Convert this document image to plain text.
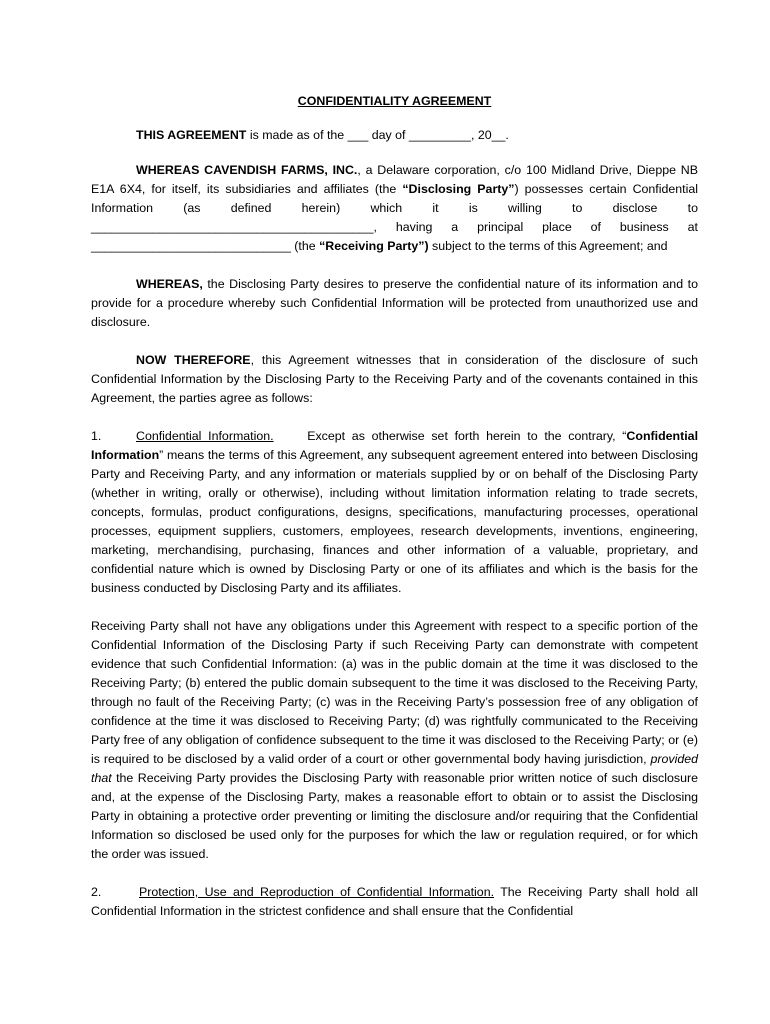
CONFIDENTIALITY AGREEMENT

THIS AGREEMENT is made as of the ___ day of _________, 20__.

WHEREAS CAVENDISH FARMS, INC., a Delaware corporation, c/o 100 Midland Drive, Dieppe NB E1A 6X4, for itself, its subsidiaries and affiliates (the “Disclosing Party”) possesses certain Confidential Information (as defined herein) which it is willing to disclose to _________________________________________, having a principal place of business at _____________________________ (the “Receiving Party”) subject to the terms of this Agreement; and

WHEREAS, the Disclosing Party desires to preserve the confidential nature of its information and to provide for a procedure whereby such Confidential Information will be protected from unauthorized use and disclosure.

NOW THEREFORE, this Agreement witnesses that in consideration of the disclosure of such Confidential Information by the Disclosing Party to the Receiving Party and of the covenants contained in this Agreement, the parties agree as follows:

1.	Confidential Information.     Except as otherwise set forth herein to the contrary, “Confidential Information” means the terms of this Agreement, any subsequent agreement entered into between Disclosing Party and Receiving Party, and any information or materials supplied by or on behalf of the Disclosing Party (whether in writing, orally or otherwise), including without limitation information relating to trade secrets, concepts, formulas, product configurations, designs, specifications, manufacturing processes, operational processes, equipment suppliers, customers, employees, research developments, inventions, engineering, marketing, merchandising, purchasing, finances and other information of a valuable, proprietary, and confidential nature which is owned by Disclosing Party or one of its affiliates and which is the basis for the business conducted by Disclosing Party and its affiliates.

Receiving Party shall not have any obligations under this Agreement with respect to a specific portion of the Confidential Information of the Disclosing Party if such Receiving Party can demonstrate with competent evidence that such Confidential Information: (a) was in the public domain at the time it was disclosed to the Receiving Party; (b) entered the public domain subsequent to the time it was disclosed to the Receiving Party, through no fault of the Receiving Party; (c) was in the Receiving Party’s possession free of any obligation of confidence at the time it was disclosed to Receiving Party; (d) was rightfully communicated to the Receiving Party free of any obligation of confidence subsequent to the time it was disclosed to the Receiving Party; or (e) is required to be disclosed by a valid order of a court or other governmental body having jurisdiction, provided that the Receiving Party provides the Disclosing Party with reasonable prior written notice of such disclosure and, at the expense of the Disclosing Party, makes a reasonable effort to obtain or to assist the Disclosing Party in obtaining a protective order preventing or limiting the disclosure and/or requiring that the Confidential Information so disclosed be used only for the purposes for which the law or regulation required, or for which the order was issued.

2.	Protection, Use and Reproduction of Confidential Information. The Receiving Party shall hold all Confidential Information in the strictest confidence and shall ensure that the Confidential
